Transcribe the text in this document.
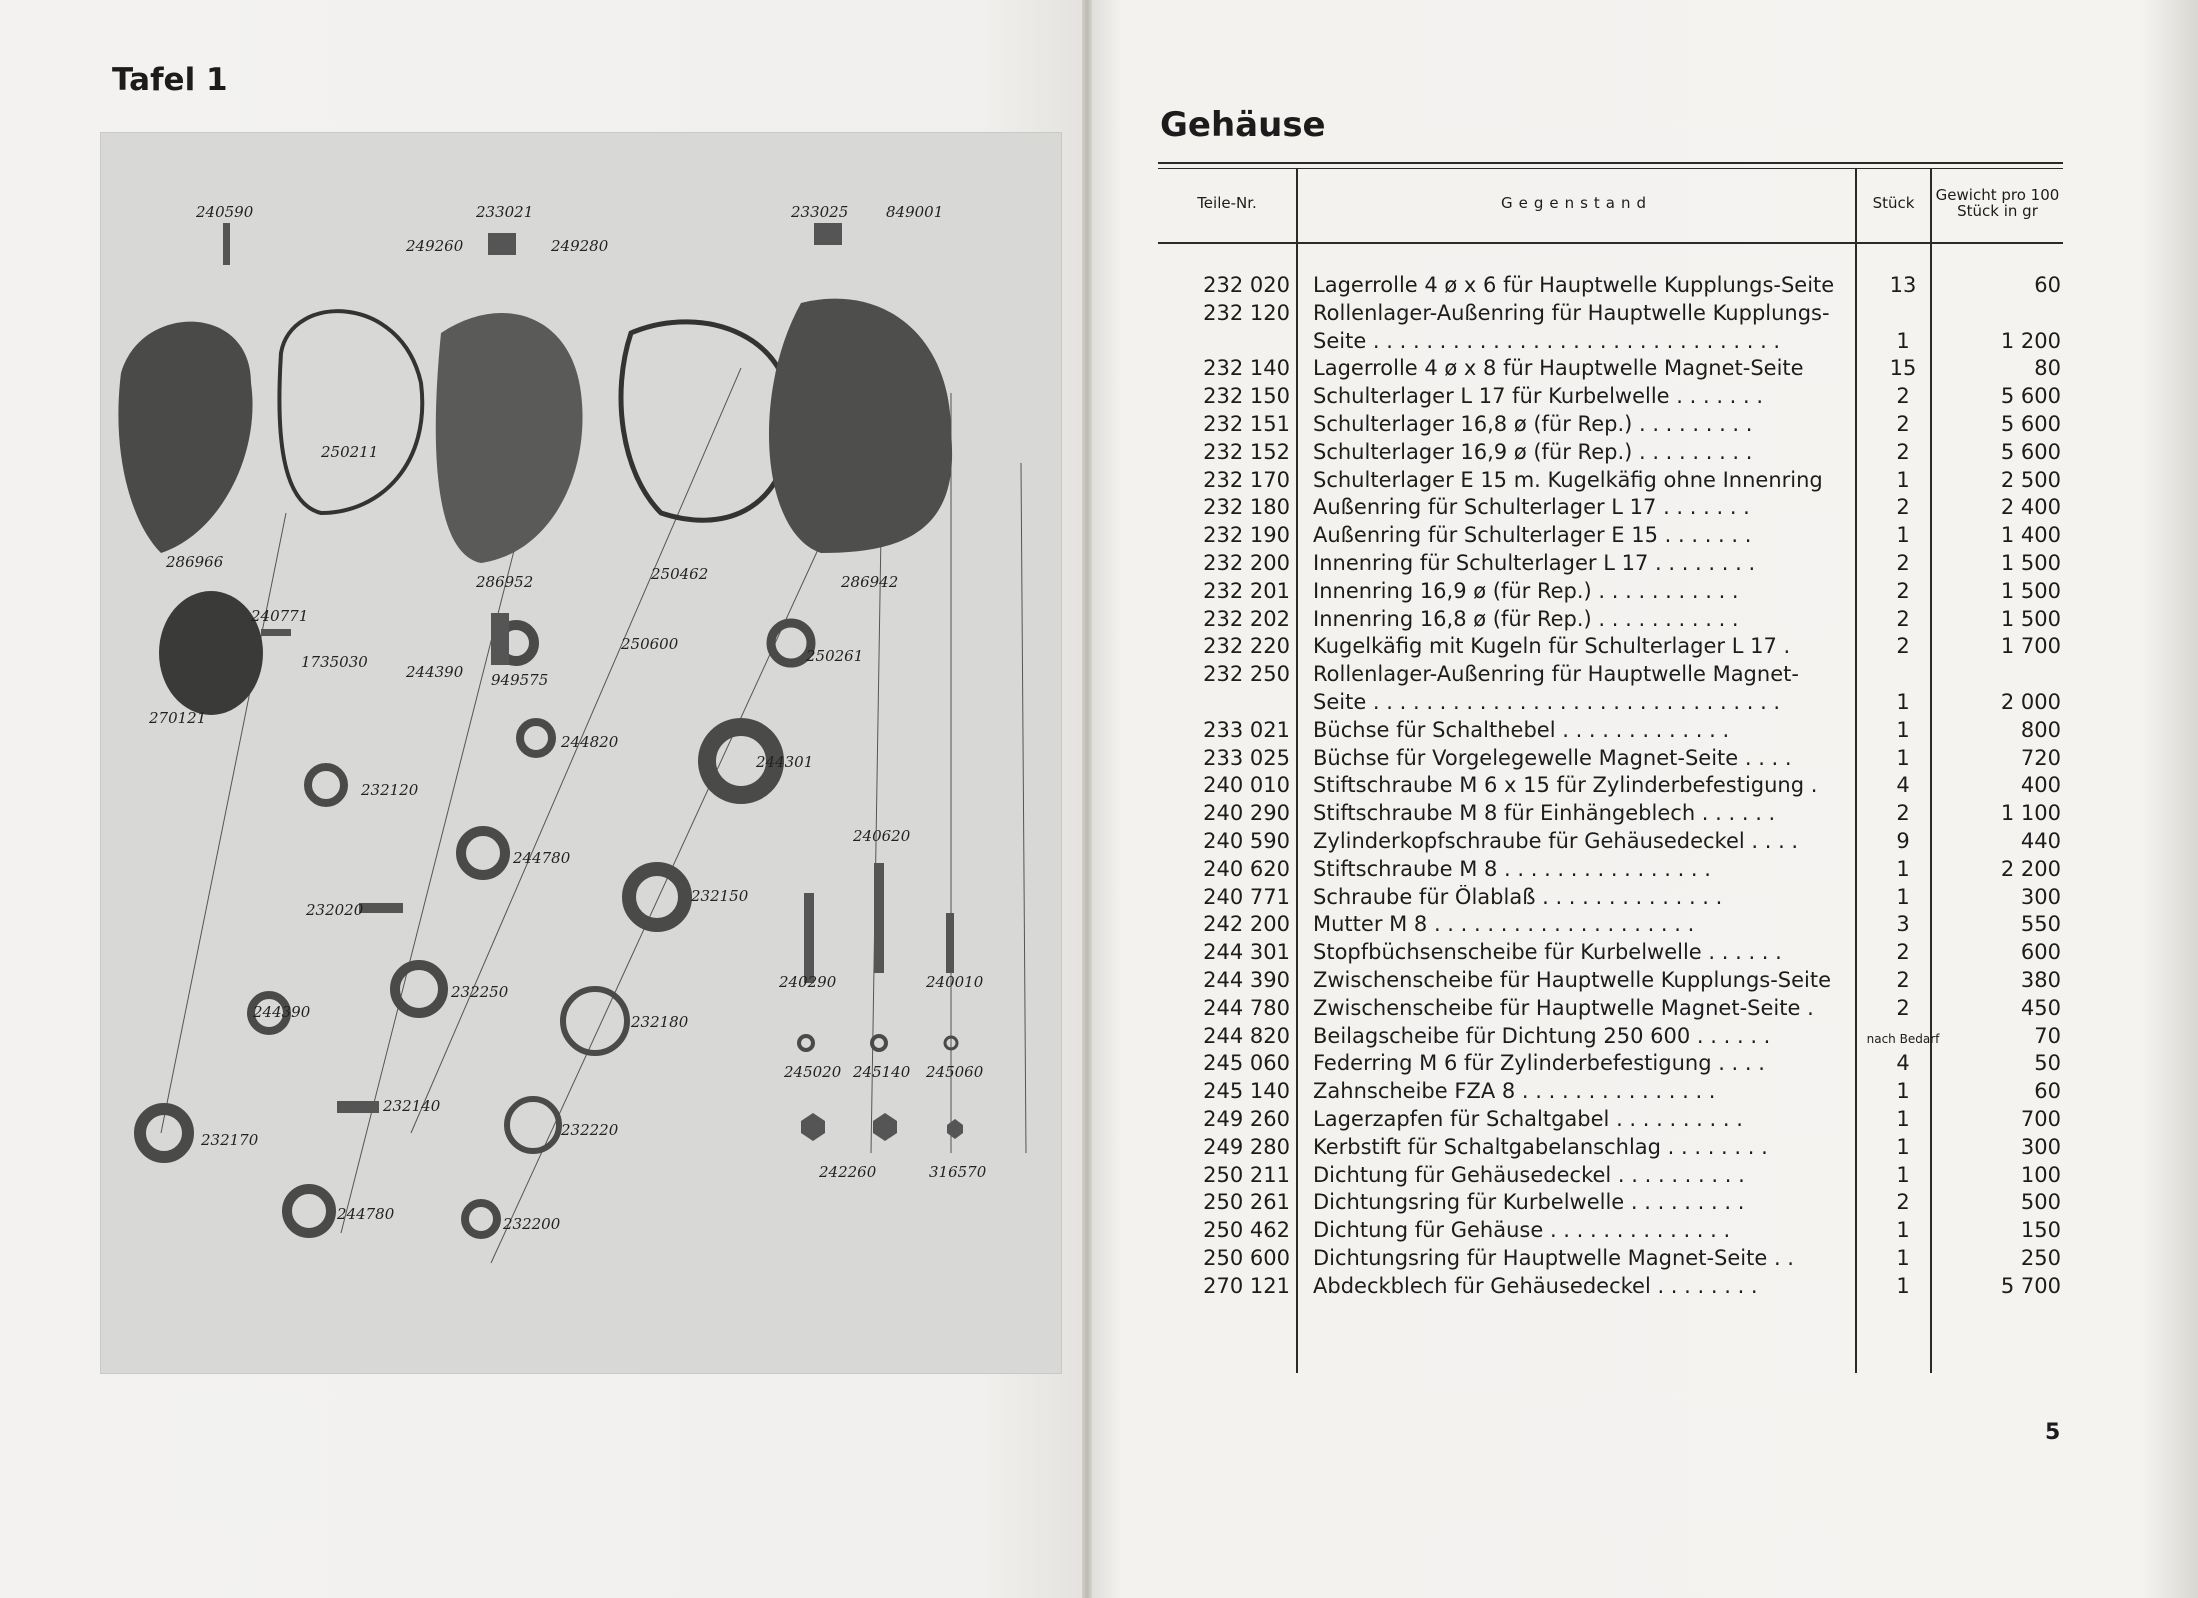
Tafel 1
240590	233021
249260	249280
233025	849001
250211
286966
286952	250462	286942
240771
1735030
244390 949575
250600
250261
270121
244820
244301
232120
240620
244780
232150
232020
232250
240290	240010
244390
232180
245020 245140 245060
232140
232220
232170
242260	316570
244780
232200
Gehäuse
Teile-Nr.	Gegenstand	Stück	Gewicht pro 100 Stück in gr
232 020 Lagerrolle 4 ø x 6 für Hauptwelle Kupplungs-Seite	13	60
232 120 Rollenlager-Außenring für Hauptwelle Kupplungs-
Seite . . . . . . . . . . . . . . . . . . . . . . . . . . . . . . .	1	1 200
232 140 Lagerrolle 4 ø x 8 für Hauptwelle Magnet-Seite	15	80
232 150 Schulterlager L 17 für Kurbelwelle . . . . . . .	2	5 600
232 151 Schulterlager 16,8 ø (für Rep.) . . . . . . . . .	2	5 600
232 152 Schulterlager 16,9 ø (für Rep.) . . . . . . . . .	2	5 600
232 170 Schulterlager E 15 m. Kugelkäfig ohne Innenring	1	2 500
232 180 Außenring für Schulterlager L 17 . . . . . . .	2	2 400
232 190 Außenring für Schulterlager E 15 . . . . . . .	1	1 400
232 200 Innenring für Schulterlager L 17 . . . . . . . .	2	1 500
232 201 Innenring 16,9 ø (für Rep.) . . . . . . . . . . .	2	1 500
232 202 Innenring 16,8 ø (für Rep.) . . . . . . . . . . .	2	1 500
232 220 Kugelkäfig mit Kugeln für Schulterlager L 17 .	2	1 700
232 250 Rollenlager-Außenring für Hauptwelle Magnet-
Seite . . . . . . . . . . . . . . . . . . . . . . . . . . . . . . .	1	2 000
233 021 Büchse für Schalthebel . . . . . . . . . . . . .	1	800
233 025 Büchse für Vorgelegewelle Magnet-Seite . . . .	1	720
240 010 Stiftschraube M 6 x 15 für Zylinderbefestigung .	4	400
240 290 Stiftschraube M 8 für Einhängeblech . . . . . .	2	1 100
240 590 Zylinderkopfschraube für Gehäusedeckel . . . .	9	440
240 620 Stiftschraube M 8 . . . . . . . . . . . . . . . .	1	2 200
240 771 Schraube für Ölablaß . . . . . . . . . . . . . .	1	300
242 200 Mutter M 8 . . . . . . . . . . . . . . . . . . . .	3	550
244 301 Stopfbüchsenscheibe für Kurbelwelle . . . . . .	2	600
244 390 Zwischenscheibe für Hauptwelle Kupplungs-Seite	2	380
244 780 Zwischenscheibe für Hauptwelle Magnet-Seite .	2	450
244 820 Beilagscheibe für Dichtung 250 600 . . . . . .	nach Bedarf	70
245 060 Federring M 6 für Zylinderbefestigung . . . .	4	50
245 140 Zahnscheibe FZA 8 . . . . . . . . . . . . . . .	1	60
249 260 Lagerzapfen für Schaltgabel . . . . . . . . . .	1	700
249 280 Kerbstift für Schaltgabelanschlag . . . . . . . .	1	300
250 211 Dichtung für Gehäusedeckel . . . . . . . . . .	1	100
250 261 Dichtungsring für Kurbelwelle . . . . . . . . .	2	500
250 462 Dichtung für Gehäuse . . . . . . . . . . . . . .	1	150
250 600 Dichtungsring für Hauptwelle Magnet-Seite . .	1	250
270 121 Abdeckblech für Gehäusedeckel . . . . . . . .	1	5 700
5
